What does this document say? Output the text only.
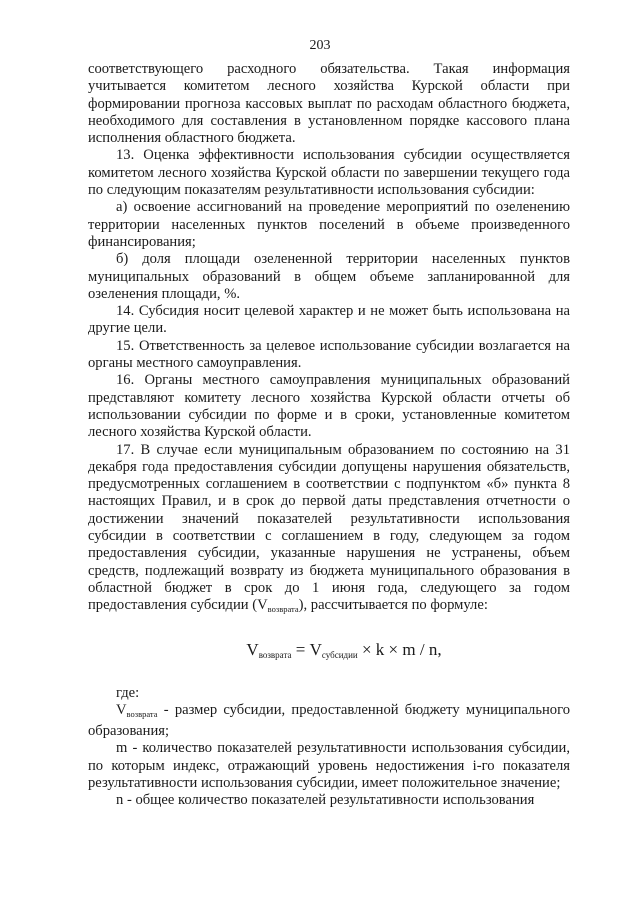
203

соответствующего расходного обязательства. Такая информация учитывается комитетом лесного хозяйства Курской области при формировании прогноза кассовых выплат по расходам областного бюджета, необходимого для составления в установленном порядке кассового плана исполнения областного бюджета.

13. Оценка эффективности использования субсидии осуществляется комитетом лесного хозяйства Курской области по завершении текущего года по следующим показателям результативности использования субсидии:

а) освоение ассигнований на проведение мероприятий по озеленению территории населенных пунктов поселений в объеме произведенного финансирования;

б) доля площади озелененной территории населенных пунктов муниципальных образований в общем объеме запланированной для озеленения площади, %.

14. Субсидия носит целевой характер и не может быть использована на другие цели.

15. Ответственность за целевое использование субсидии возлагается на органы местного самоуправления.

16. Органы местного самоуправления муниципальных образований представляют комитету лесного хозяйства Курской области отчеты об использовании субсидии по форме и в сроки, установленные комитетом лесного хозяйства Курской области.

17. В случае если муниципальным образованием по состоянию на 31 декабря года предоставления субсидии допущены нарушения обязательств, предусмотренных соглашением в соответствии с подпунктом «б» пункта 8 настоящих Правил, и в срок до первой даты представления отчетности о достижении значений показателей результативности использования субсидии в соответствии с соглашением в году, следующем за годом предоставления субсидии, указанные нарушения не устранены, объем средств, подлежащий возврату из бюджета муниципального образования в областной бюджет в срок до 1 июня года, следующего за годом предоставления субсидии $(V_{возврата})$, рассчитывается по формуле:

$V_{возврата} = V_{субсидии} \times k \times m / n$,

где:

$V_{возврата}$ - размер субсидии, предоставленной бюджету муниципального образования;

m - количество показателей результативности использования субсидии, по которым индекс, отражающий уровень недостижения i-го показателя результативности использования субсидии, имеет положительное значение;

n - общее количество показателей результативности использования
